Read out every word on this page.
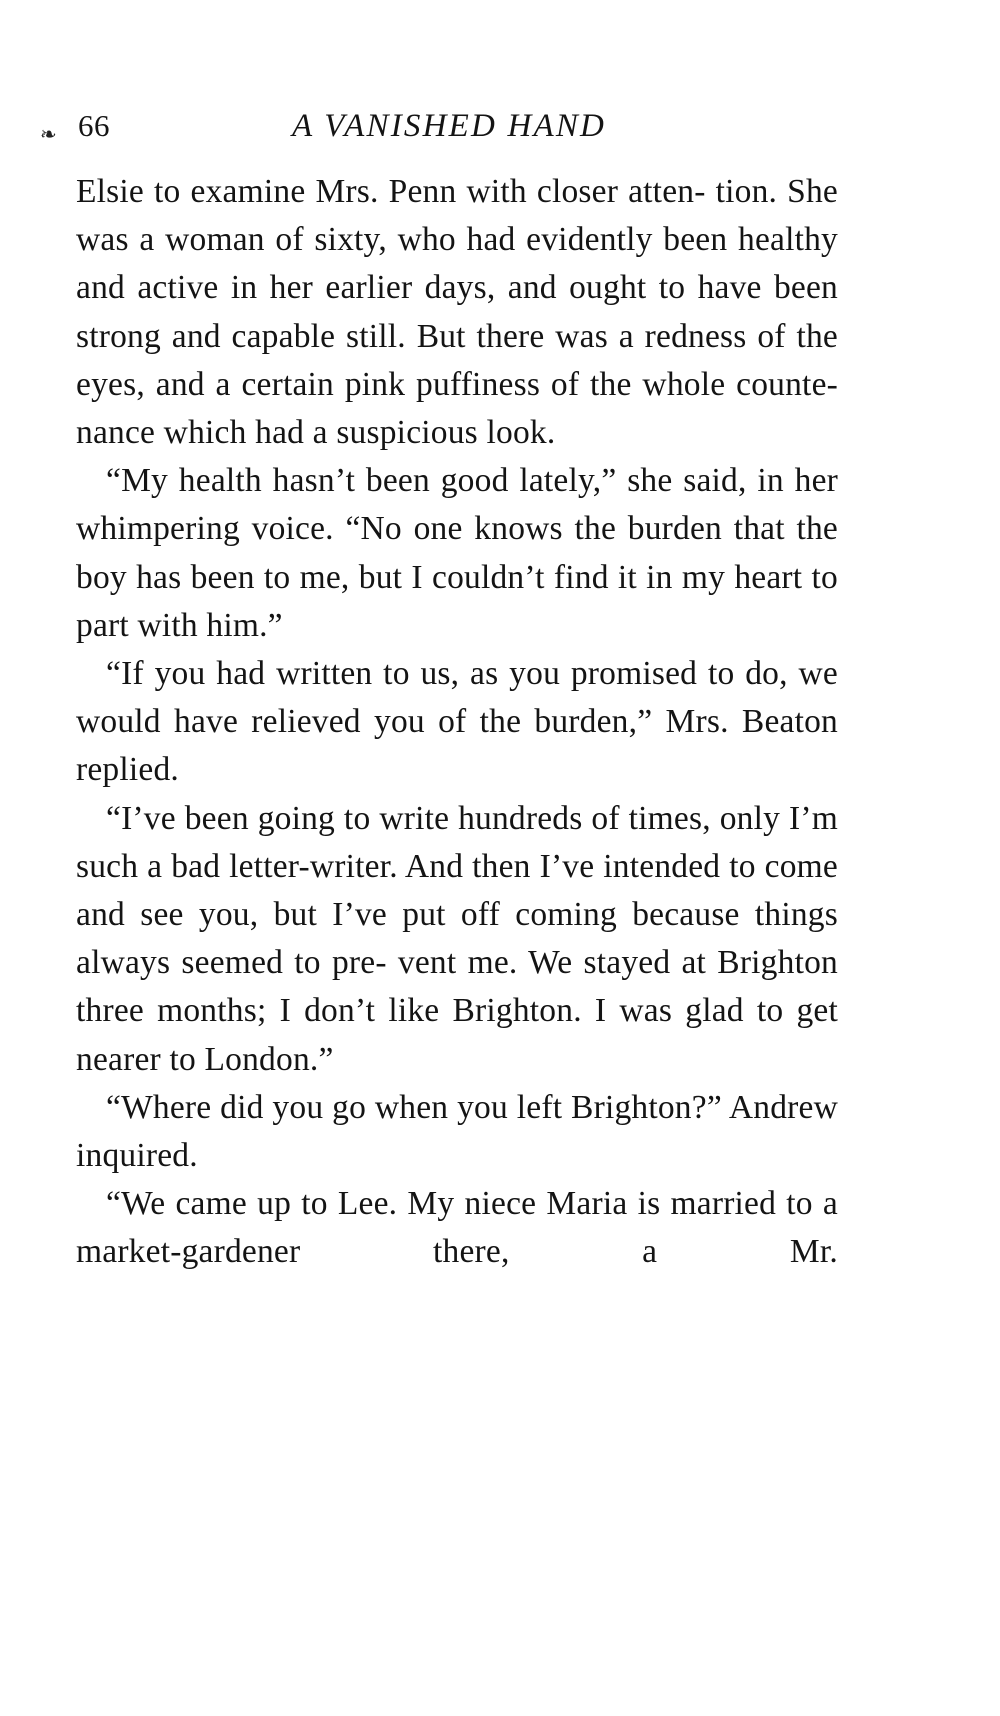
❧ 66	A VANISHED HAND

Elsie to examine Mrs. Penn with closer atten- tion. She was a woman of sixty, who had evidently been healthy and active in her earlier days, and ought to have been strong and capable still. But there was a redness of the eyes, and a certain pink puffiness of the whole counte- nance which had a suspicious look.

“My health hasn’t been good lately,” she said, in her whimpering voice. “No one knows the burden that the boy has been to me, but I couldn’t find it in my heart to part with him.”

“If you had written to us, as you promised to do, we would have relieved you of the burden,” Mrs. Beaton replied.

“I’ve been going to write hundreds of times, only I’m such a bad letter-writer. And then I’ve intended to come and see you, but I’ve put off coming because things always seemed to pre- vent me. We stayed at Brighton three months; I don’t like Brighton. I was glad to get nearer to London.”

“Where did you go when you left Brighton?” Andrew inquired.

“We came up to Lee. My niece Maria is married to a market-gardener there, a Mr.
